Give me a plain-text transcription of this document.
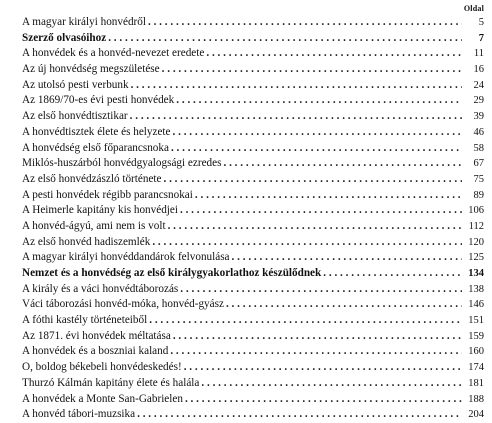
Oldal
A magyar királyi honvédről . . .	5
Szerző olvasóihoz . . .	7
A honvédek és a honvéd-nevezet eredete . . .	11
Az új honvédség megszületése . . .	16
Az utolsó pesti verbunk . . .	24
Az 1869/70-es évi pesti honvédek . . .	29
Az első honvédtisztikar . . .	39
A honvédtisztek élete és helyzete . . .	46
A honvédség első főparancsnoka . . .	58
Miklós-huszárból honvédgyalogsági ezredes . . .	67
Az első honvédzászló története . . .	75
A pesti honvédek régibb parancsnokai . . .	89
A Heimerle kapitány kis honvédjei . . .	106
A honvéd-ágyú, ami nem is volt . . .	112
Az első honvéd hadiszemlék . . .	120
A magyar királyi honvéddandárok felvonulása . . .	125
Nemzet és a honvédség az első királygyakorlathoz készülődnek . . .	134
A király és a váci honvédtáborozás . . .	138
Váci táborozási honvéd-móka, honvéd-gyász . . .	146
A fóthi kastély történeteiből . . .	151
Az 1871. évi honvédek méltatása . . .	159
A honvédek és a boszniai kaland . . .	160
O, boldog békebeli honvédeskedés! . . .	174
Thurzó Kálmán kapitány élete és halála . . .	181
A honvédek a Monte San-Gabrielen . . .	188
A honvéd tábori-muzsika . . .	204
